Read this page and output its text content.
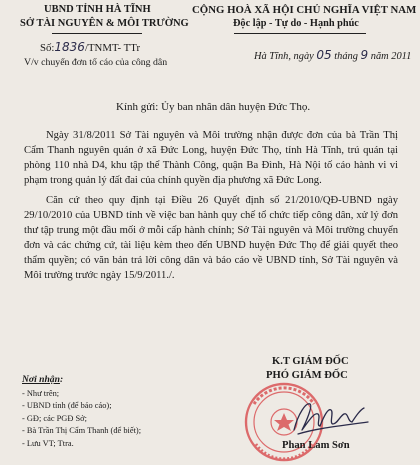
UBND TỈNH HÀ TĨNH
SỞ TÀI NGUYÊN & MÔI TRƯỜNG
CỘNG HOÀ XÃ HỘI CHỦ NGHĨA VIỆT NAM
Độc lập - Tự do - Hạnh phúc
Số:1836/TNMT- TTr
V/v chuyển đơn tố cáo của công dân
Hà Tĩnh, ngày 05 tháng 9 năm 2011
Kính gửi: Ủy ban nhân dân huyện Đức Thọ.

Ngày 31/8/2011 Sở Tài nguyên và Môi trường nhận được đơn của bà Trần Thị Cẩm Thanh nguyên quán ở xã Đức Long, huyện Đức Thọ, tỉnh Hà Tĩnh, trú quán tại phòng 110 nhà D4, khu tập thể Thành Công, quận Ba Đình, Hà Nội tố cáo hành vi vi phạm trong quản lý đất đai của chính quyền địa phương xã Đức Long.

Căn cứ theo quy định tại Điều 26 Quyết định số 21/2010/QĐ-UBND ngày 29/10/2010 của UBND tỉnh về việc ban hành quy chế tổ chức tiếp công dân, xử lý đơn thư tập trung một đầu mối ở mỗi cấp hành chính; Sở Tài nguyên và Môi trường chuyển đơn và các chứng cứ, tài liệu kèm theo đến UBND huyện Đức Thọ để giải quyết theo thẩm quyền; có văn bản trả lời công dân và báo cáo về UBND tỉnh, Sở Tài nguyên và Môi trường trước ngày 15/9/2011./.

Nơi nhận:
- Như trên;
- UBND tỉnh (để báo cáo);
- GĐ; các PGĐ Sở;
- Bà Trần Thị Cẩm Thanh (để biết);
- Lưu VT; Ttra.
K.T GIÁM ĐỐC
PHÓ GIÁM ĐỐC
Phan Lam Sơn
